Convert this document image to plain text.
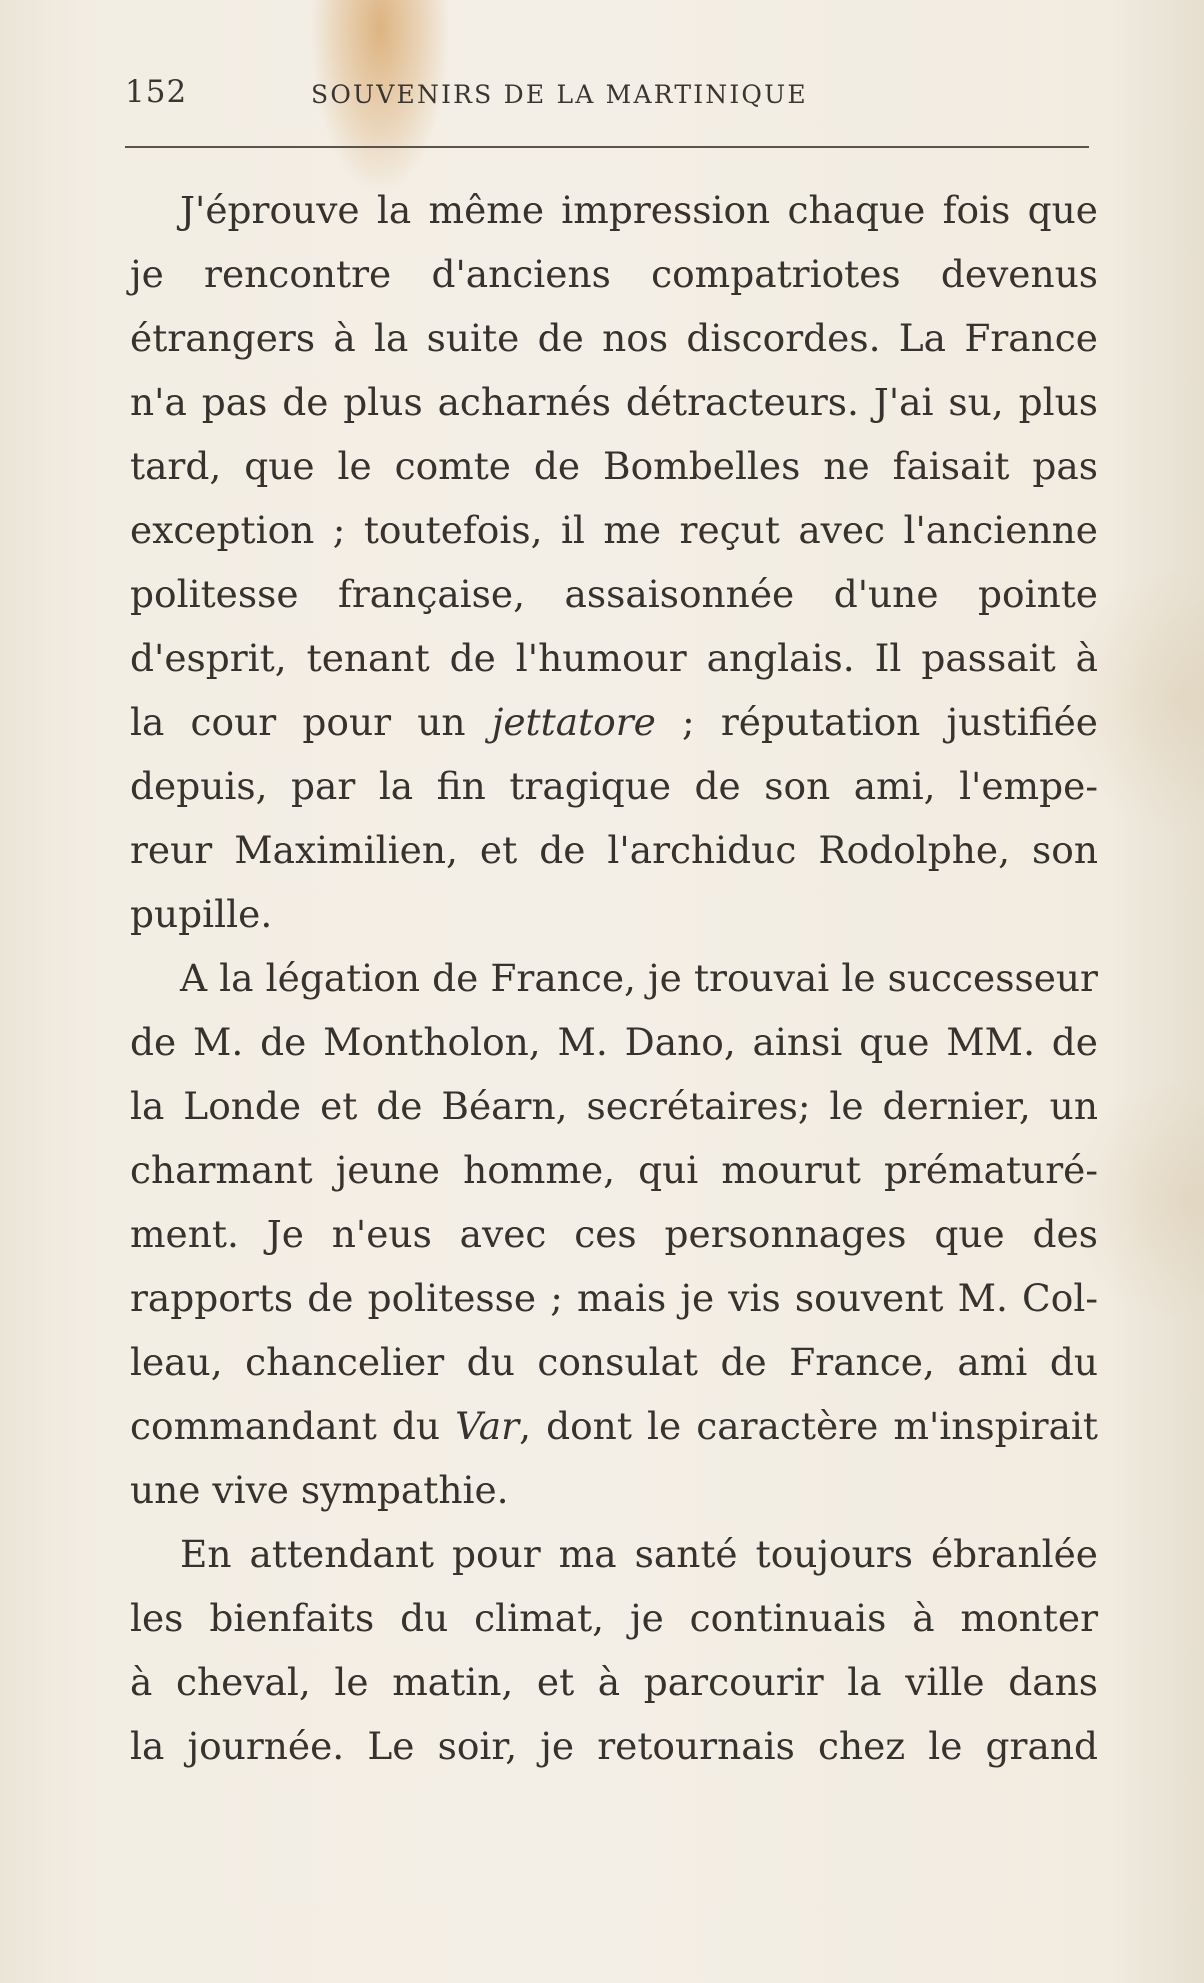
152	SOUVENIRS DE LA MARTINIQUE
J'éprouve la même impression chaque fois que
je rencontre d'anciens compatriotes devenus
étrangers à la suite de nos discordes. La France
n'a pas de plus acharnés détracteurs. J'ai su, plus
tard, que le comte de Bombelles ne faisait pas
exception ; toutefois, il me reçut avec l'ancienne
politesse française, assaisonnée d'une pointe
d'esprit, tenant de l'humour anglais. Il passait à
la cour pour un jettatore ; réputation justifiée
depuis, par la fin tragique de son ami, l'empe-
reur Maximilien, et de l'archiduc Rodolphe, son
pupille.
A la légation de France, je trouvai le successeur
de M. de Montholon, M. Dano, ainsi que MM. de
la Londe et de Béarn, secrétaires; le dernier, un
charmant jeune homme, qui mourut prématuré-
ment. Je n'eus avec ces personnages que des
rapports de politesse ; mais je vis souvent M. Col-
leau, chancelier du consulat de France, ami du
commandant du Var, dont le caractère m'inspirait
une vive sympathie.
En attendant pour ma santé toujours ébranlée
les bienfaits du climat, je continuais à monter
à cheval, le matin, et à parcourir la ville dans
la journée. Le soir, je retournais chez le grand
